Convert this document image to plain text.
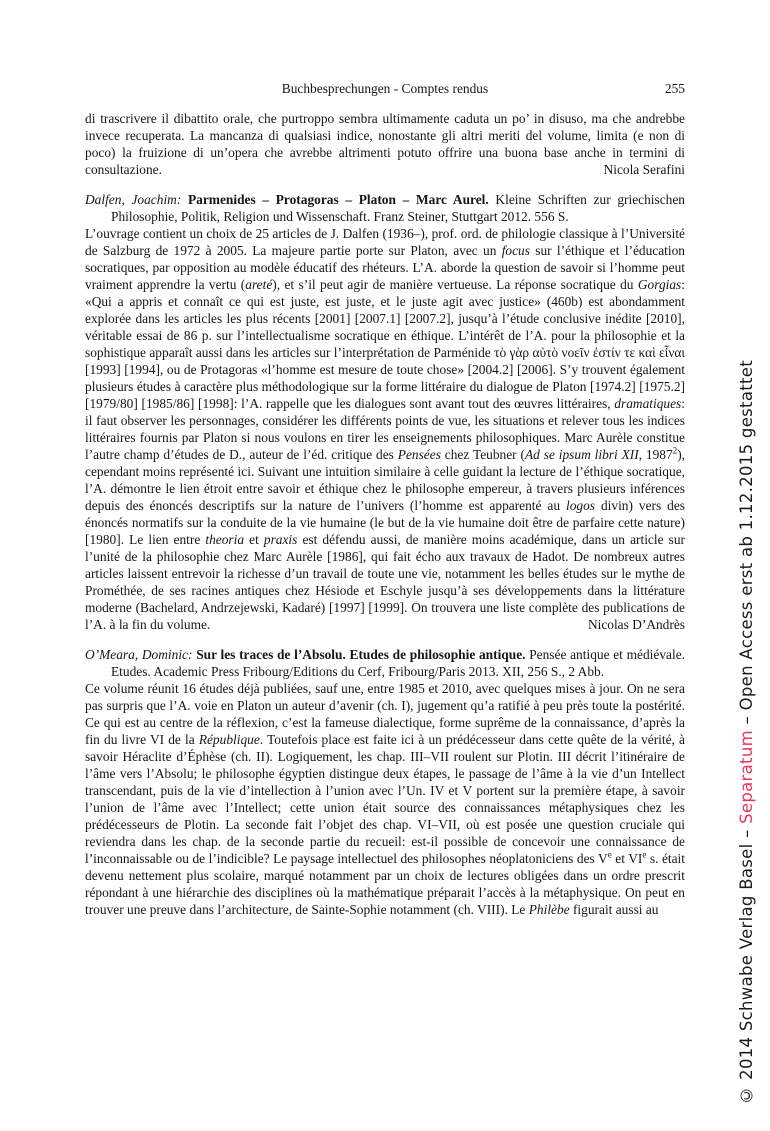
Buchbesprechungen - Comptes rendus	255
di trascrivere il dibattito orale, che purtroppo sembra ultimamente caduta un po’ in disuso, ma che andrebbe invece recuperata. La mancanza di qualsiasi indice, nonostante gli altri meriti del volume, limita (e non di poco) la fruizione di un’opera che avrebbe altrimenti potuto offrire una buona base anche in termini di consultazione.	Nicola Serafini
Dalfen, Joachim: Parmenides – Protagoras – Platon – Marc Aurel. Kleine Schriften zur griechischen Philosophie, Politik, Religion und Wissenschaft. Franz Steiner, Stuttgart 2012. 556 S.
L’ouvrage contient un choix de 25 articles de J. Dalfen (1936–), prof. ord. de philologie classique à l’Université de Salzburg de 1972 à 2005. La majeure partie porte sur Platon, avec un focus sur l’éthique et l’éducation socratiques, par opposition au modèle éducatif des rhéteurs. L’A. aborde la question de savoir si l’homme peut vraiment apprendre la vertu (areté), et s’il peut agir de manière vertueuse. La réponse socratique du Gorgias: «Qui a appris et connaît ce qui est juste, est juste, et le juste agit avec justice» (460b) est abondamment explorée dans les articles les plus récents [2001] [2007.1] [2007.2], jusqu’à l’étude conclusive inédite [2010], véritable essai de 86 p. sur l’intellectualisme socratique en éthique. L’intérêt de l’A. pour la philosophie et la sophistique apparaît aussi dans les articles sur l’interprétation de Parménide τὸ γὰρ αὐτὸ νοεῖν ἐστίν τε καὶ εἶναι [1993] [1994], ou de Protagoras «l’homme est mesure de toute chose» [2004.2] [2006]. S’y trouvent également plusieurs études à caractère plus méthodologique sur la forme littéraire du dialogue de Platon [1974.2] [1975.2] [1979/80] [1985/86] [1998]: l’A. rappelle que les dialogues sont avant tout des œuvres littéraires, dramatiques: il faut observer les personnages, considérer les différents points de vue, les situations et relever tous les indices littéraires fournis par Platon si nous voulons en tirer les enseignements philosophiques. Marc Aurèle constitue l’autre champ d’études de D., auteur de l’éd. critique des Pensées chez Teubner (Ad se ipsum libri XII, 1987$^2$), cependant moins représenté ici. Suivant une intuition similaire à celle guidant la lecture de l’éthique socratique, l’A. démontre le lien étroit entre savoir et éthique chez le philosophe empereur, à travers plusieurs inférences depuis des énoncés descriptifs sur la nature de l’univers (l’homme est apparenté au logos divin) vers des énoncés normatifs sur la conduite de la vie humaine (le but de la vie humaine doit être de parfaire cette nature) [1980]. Le lien entre theoria et praxis est défendu aussi, de manière moins académique, dans un article sur l’unité de la philosophie chez Marc Aurèle [1986], qui fait écho aux travaux de Hadot. De nombreux autres articles laissent entrevoir la richesse d’un travail de toute une vie, notamment les belles études sur le mythe de Prométhée, de ses racines antiques chez Hésiode et Eschyle jusqu’à ses développements dans la littérature moderne (Bachelard, Andrzejewski, Kadaré) [1997] [1999]. On trouvera une liste complète des publications de l’A. à la fin du volume.	Nicolas D’Andrès
O’Meara, Dominic: Sur les traces de l’Absolu. Etudes de philosophie antique. Pensée antique et médiévale. Etudes. Academic Press Fribourg/Editions du Cerf, Fribourg/Paris 2013. XII, 256 S., 2 Abb.
Ce volume réunit 16 études déjà publiées, sauf une, entre 1985 et 2010, avec quelques mises à jour. On ne sera pas surpris que l’A. voie en Platon un auteur d’avenir (ch. I), jugement qu’a ratifié à peu près toute la postérité. Ce qui est au centre de la réflexion, c’est la fameuse dialectique, forme suprême de la connaissance, d’après la fin du livre VI de la République. Toutefois place est faite ici à un prédécesseur dans cette quête de la vérité, à savoir Héraclite d’Éphèse (ch. II). Logiquement, les chap. III–VII roulent sur Plotin. III décrit l’itinéraire de l’âme vers l’Absolu; le philosophe égyptien distingue deux étapes, le passage de l’âme à la vie d’un Intellect transcendant, puis de la vie d’intellection à l’union avec l’Un. IV et V portent sur la première étape, à savoir l’union de l’âme avec l’Intellect; cette union était source des connaissances métaphysiques chez les prédécesseurs de Plotin. La seconde fait l’objet des chap. VI–VII, où est posée une question cruciale qui reviendra dans les chap. de la seconde partie du recueil: est-il possible de concevoir une connaissance de l’inconnaissable ou de l’indicible? Le paysage intellectuel des philosophes néoplatoniciens des Ve et VIe s. était devenu nettement plus scolaire, marqué notamment par un choix de lectures obligées dans un ordre prescrit répondant à une hiérarchie des disciplines où la mathématique préparait l’accès à la métaphysique. On peut en trouver une preuve dans l’architecture, de Sainte-Sophie notamment (ch. VIII). Le Philèbe figurait aussi au	© 2014 Schwabe Verlag Basel – Separatum – Open Access erst ab 1.12.2015 gestattet
